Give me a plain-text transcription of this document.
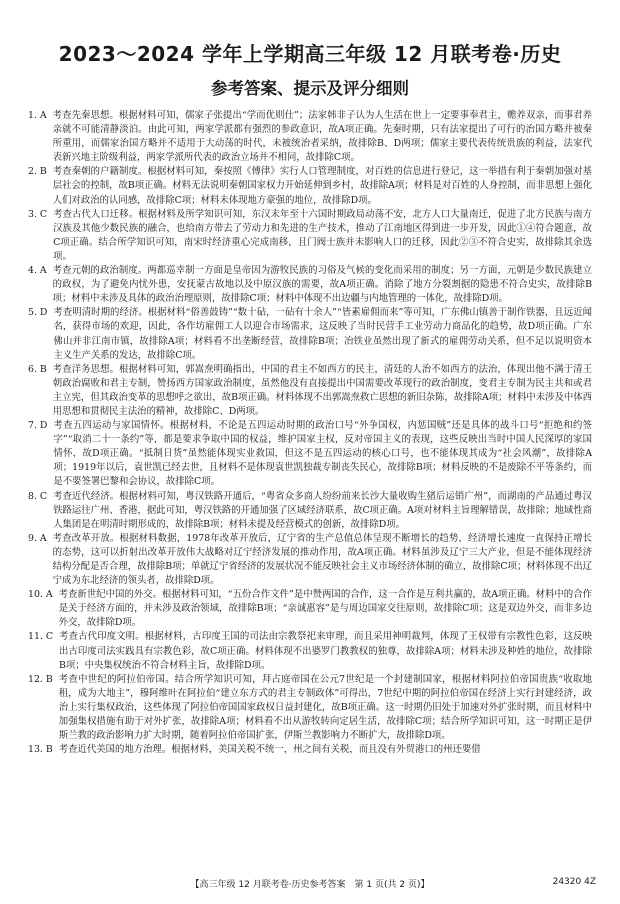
2023～2024 学年上学期高三年级 12 月联考卷·历史
参考答案、提示及评分细则
1. A 考查先秦思想。根据材料可知，儒家子张提出“学而优则仕”；法家韩非子认为人生活在世上一定要事奉君主，赡养双亲，而事君养亲就不可能清静淡泊。由此可知，两家学派都有强烈的参政意识，故A项正确。先秦时期，只有法家提出了可行的治国方略并被秦所重用，而儒家治国方略并不适用于大动荡的时代，未被统治者采纳，故排除B、D两项；儒家主要代表传统贵族的利益，法家代表新兴地主阶级利益，两家学派所代表的政治立场并不相同，故排除C项。
2. B 考查秦朝的户籍制度。根据材料可知，秦按照《傅律》实行人口管理制度，对百姓的信息进行登记，这一举措有利于秦朝加强对基层社会的控制，故B项正确。材料无法说明秦朝国家权力开始延伸到乡村，故排除A项；材料是对百姓的人身控制，而非思想上强化人们对政治的认同感，故排除C项；材料未体现地方豪强的地位，故排除D项。
3. C 考查古代人口迁移。根据材料及所学知识可知，东汉末年至十六国时期政局动荡不安，北方人口大量南迁，促进了北方民族与南方汉族及其他少数民族的融合，也给南方带去了劳动力和先进的生产技术，推动了江南地区得到进一步开发，因此①④符合题意，故C项正确。结合所学知识可知，南宋时经济重心完成南移，且门阀士族并未影响人口的迁移，因此②③不符合史实，故排除其余选项。
4. A 考查元朝的政治制度。两都巡幸制一方面是皇帝因为游牧民族的习俗及气候的变化而采用的制度；另一方面，元朝是少数民族建立的政权，为了避免内忧外患，安抚蒙古故地以及中原汉族的需要，故A项正确。消除了地方分裂割据的隐患不符合史实，故排除B项；材料中未涉及具体的政治治理原则，故排除C项；材料中体现不出边疆与内地管理的一体化，故排除D项。
5. D 考查明清时期的经济。根据材料“俗善鼓铸”“数十砧，一砧有十余人”“皆素雇佣而来”等可知，广东佛山镇善于制作铁器，且远近闻名，获得市场的欢迎，因此，各作坊雇佣工人以迎合市场需求，这反映了当时民营手工业劳动力商品化的趋势，故D项正确。广东佛山并非江南市镇，故排除A项；材料看不出垄断经营，故排除B项；冶铁业虽然出现了新式的雇佣劳动关系，但不足以说明资本主义生产关系的发达，故排除C项。
6. B 考查洋务思想。根据材料可知，郭嵩焘明确指出，中国的君主不如西方的民主，清廷的人治不如西方的法治，体现出他不满于清王朝政治腐败和君主专制，赞扬西方国家政治制度，虽然他没有直接提出中国需要改革现行的政治制度，变君主专制为民主共和或君主立宪，但其政治变革的思想呼之欲出，故B项正确。材料体现不出郭嵩焘救亡思想的新旧杂陈，故排除A项；材料中未涉及中体西用思想和贯彻民主法治的精神，故排除C、D两项。
7. D 考查五四运动与家国情怀。根据材料，不论是五四运动时期的政治口号“外争国权，内惩国贼”还是具体的战斗口号“拒绝和约签字”“取消二十一条约”等，都是要求争取中国的权益，维护国家主权，反对帝国主义的表现，这些反映出当时中国人民深厚的家国情怀，故D项正确。“抵制日货”虽然能体现实业救国，但这不是五四运动的核心口号，也不能体现其成为“社会风潮”，故排除A项；1919年以后，袁世凯已经去世，且材料不是体现袁世凯独裁专制丧失民心，故排除B项；材料反映的不是废除不平等条约，而是不要签署巴黎和会协议，故排除C项。
8. C 考查近代经济。根据材料可知，粤汉铁路开通后，“粤省众多商人纷纷前来长沙大量收购生猪后运销广州”，而湖南的产品通过粤汉铁路运往广州、香港，据此可知，粤汉铁路的开通加强了区域经济联系，故C项正确。A项对材料主旨理解错误，故排除；地域性商人集团是在明清时期形成的，故排除B项；材料未提及经营模式的创新，故排除D项。
9. A 考查改革开放。根据材料数据，1978年改革开放后，辽宁省的生产总值总体呈现不断增长的趋势，经济增长速度一直保持正增长的态势，这可以折射出改革开放伟大战略对辽宁经济发展的推动作用，故A项正确。材料虽涉及辽宁三大产业，但是不能体现经济结构分配是否合理，故排除B项；单就辽宁省经济的发展状况不能反映社会主义市场经济体制的确立，故排除C项；材料体现不出辽宁成为东北经济的领头者，故排除D项。
10. A 考查新世纪中国的外交。根据材料可知，“五份合作文件”是中赞两国的合作，这一合作是互利共赢的，故A项正确。材料中的合作是关于经济方面的，并未涉及政治领域，故排除B项；“亲诚惠容”是与周边国家交往原则，故排除C项；这是双边外交，而非多边外交，故排除D项。
11. C 考查古代印度文明。根据材料，古印度王国的司法由宗教祭祀来审理，而且采用神明裁判，体现了王权带有宗教性色彩，这反映出古印度司法实践具有宗教色彩，故C项正确。材料体现不出婆罗门教教权的独尊，故排除A项；材料未涉及种姓的地位，故排除B项；中央集权统治不符合材料主旨，故排除D项。
12. B 考查中世纪的阿拉伯帝国。结合所学知识可知，拜占庭帝国在公元7世纪是一个封建制国家，根据材料阿拉伯帝国贵族“收取地租，成为大地主”，穆阿维叶在阿拉伯“建立东方式的君主专制政体”可得出，7世纪中期的阿拉伯帝国在经济上实行封建经济，政治上实行集权政治，这些体现了阿拉伯帝国国家政权日益封建化，故B项正确。这一时期仍旧处于加速对外扩张时期，而且材料中加强集权措施有助于对外扩张，故排除A项；材料看不出从游牧转向定居生活，故排除C项；结合所学知识可知，这一时期正是伊斯兰教的政治影响力扩大时期，随着阿拉伯帝国扩张，伊斯兰教影响力不断扩大，故排除D项。
13. B 考查近代美国的地方治理。根据材料，美国关税不统一，州之间有关税，而且没有外贸港口的州还要借
【高三年级 12 月联考卷·历史参考答案　第 1 页(共 2 页)】	24320 4Z
